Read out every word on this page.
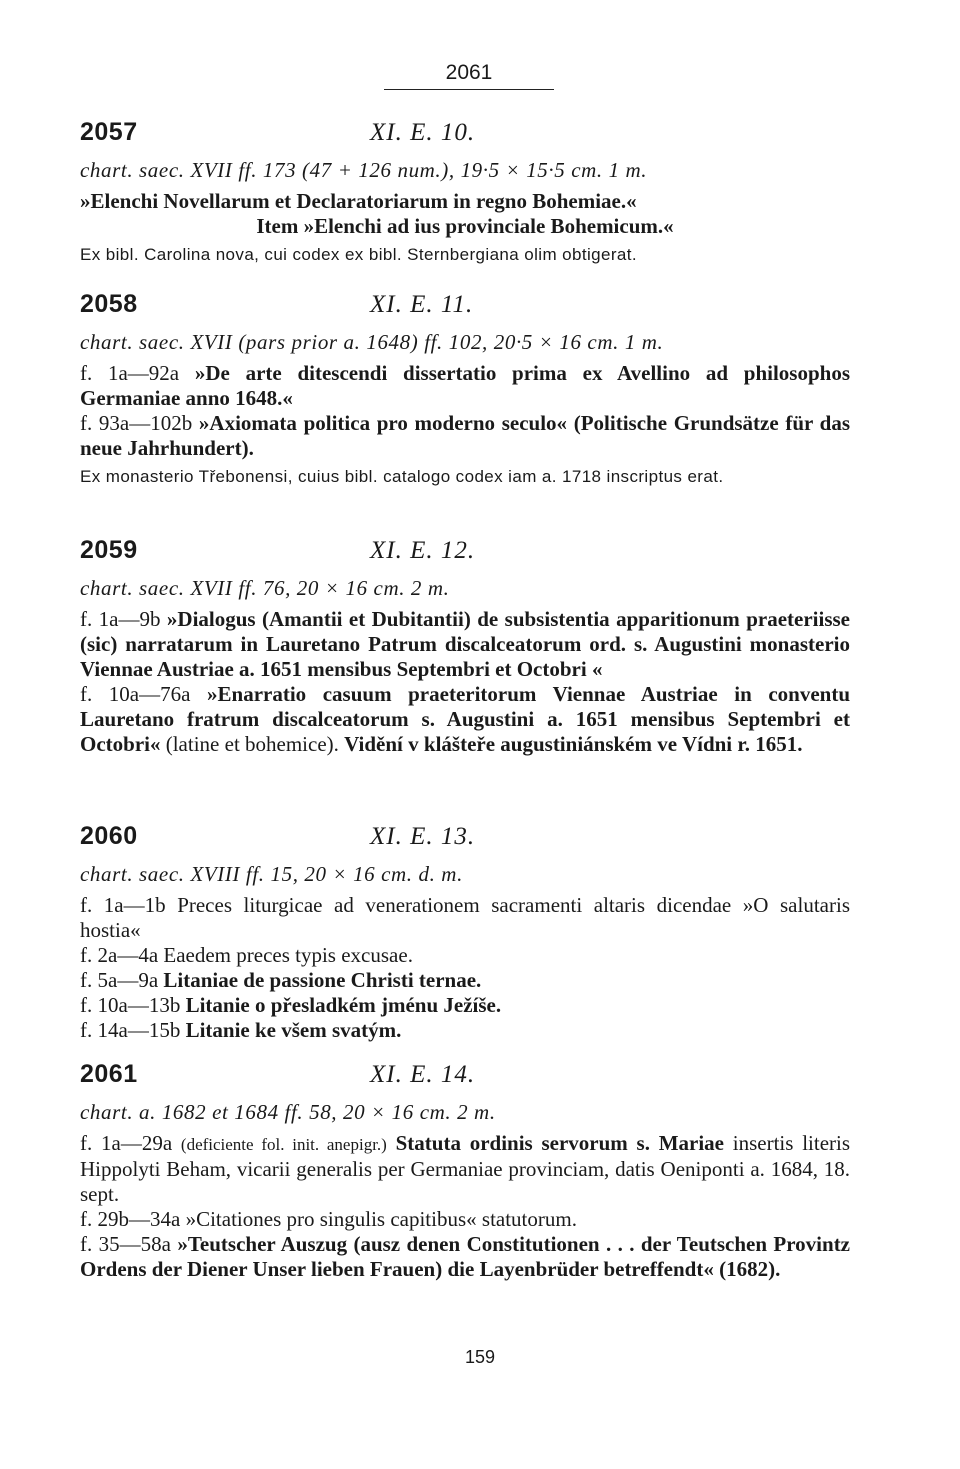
2061
2057	XI. E. 10.
chart. saec. XVII ff. 173 (47 + 126 num.), 19·5 × 15·5 cm. 1 m.

»Elenchi Novellarum et Declaratoriarum in regno Bohemiae.«

Item »Elenchi ad ius provinciale Bohemicum.«

Ex bibl. Carolina nova, cui codex ex bibl. Sternbergiana olim obtigerat.

2058	XI. E. 11.
chart. saec. XVII (pars prior a. 1648) ff. 102, 20·5 × 16 cm. 1 m.

f. 1a—92a »De arte ditescendi dissertatio prima ex Avellino ad philosophos Germaniae anno 1648.«

f. 93a—102b »Axiomata politica pro moderno seculo« (Politische Grundsätze für das neue Jahrhundert).

Ex monasterio Třebonensi, cuius bibl. catalogo codex iam a. 1718 inscriptus erat.

2059	XI. E. 12.
chart. saec. XVII ff. 76, 20 × 16 cm. 2 m.

f. 1a—9b »Dialogus (Amantii et Dubitantii) de subsistentia apparitionum praeteriisse (sic) narratarum in Lauretano Patrum discalceatorum ord. s. Augustini monasterio Viennae Austriae a. 1651 mensibus Septembri et Octobri «

f. 10a—76a »Enarratio casuum praeteritorum Viennae Austriae in conventu Lauretano fratrum discalceatorum s. Augustini a. 1651 mensibus Septembri et Octobri« (latine et bohemice). Vidění v klášteře augustiniánském ve Vídni r. 1651.

2060	XI. E. 13.
chart. saec. XVIII ff. 15, 20 × 16 cm. d. m.

f. 1a—1b Preces liturgicae ad venerationem sacramenti altaris dicendae »O salutaris hostia«

f. 2a—4a Eaedem preces typis excusae.

f. 5a—9a Litaniae de passione Christi ternae.

f. 10a—13b Litanie o přesladkém jménu Ježíše.

f. 14a—15b Litanie ke všem svatým.

2061	XI. E. 14.
chart. a. 1682 et 1684 ff. 58, 20 × 16 cm. 2 m.

f. 1a—29a (deficiente fol. init. anepigr.) Statuta ordinis servorum s. Mariae insertis literis Hippolyti Beham, vicarii generalis per Germaniae provinciam, datis Oeniponti a. 1684, 18. sept.

f. 29b—34a »Citationes pro singulis capitibus« statutorum.

f. 35—58a »Teutscher Auszug (ausz denen Constitutionen . . . der Teutschen Provintz Ordens der Diener Unser lieben Frauen) die Layenbrüder betreffendt« (1682).

159
